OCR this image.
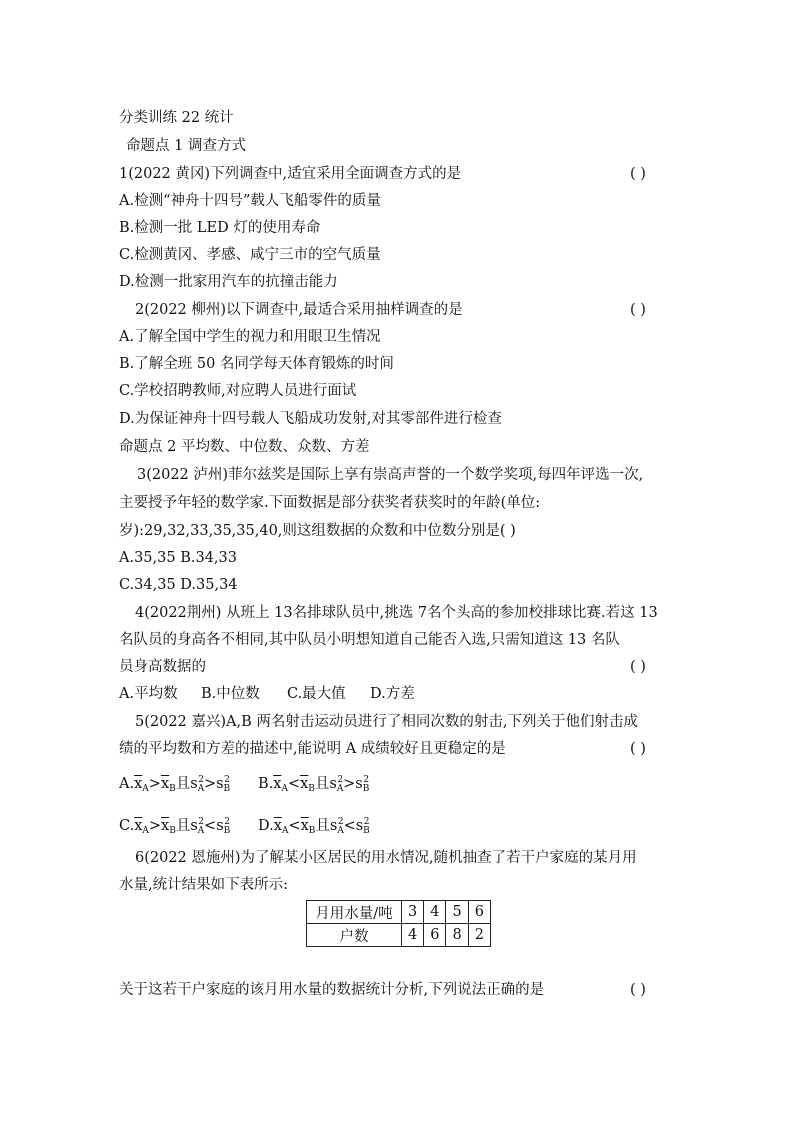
分类训练 22 统计
命题点 1 调查方式
1(2022 黄冈)下列调查中,适宜采用全面调查方式的是	( )
A.检测“神舟十四号”载人飞船零件的质量
B.检测一批 LED 灯的使用寿命
C.检测黄冈、孝感、咸宁三市的空气质量
D.检测一批家用汽车的抗撞击能力
2(2022 柳州)以下调查中,最适合采用抽样调查的是	( )
A.了解全国中学生的视力和用眼卫生情况
B.了解全班 50 名同学每天体育锻炼的时间
C.学校招聘教师,对应聘人员进行面试
D.为保证神舟十四号载人飞船成功发射,对其零部件进行检查
命题点 2 平均数、中位数、众数、方差
3(2022 泸州)菲尔兹奖是国际上享有崇高声誉的一个数学奖项,每四年评选一次,
主要授予年轻的数学家.下面数据是部分获奖者获奖时的年龄(单位:
岁):29,32,33,35,35,40,则这组数据的众数和中位数分别是( )
A.35,35 B.34,33
C.34,35 D.35,34
4(2022荆州) 从班上 13名排球队员中,挑选 7名个头高的参加校排球比赛.若这 13
名队员的身高各不相同,其中队员小明想知道自己能否入选,只需知道这 13 名队
员身高数据的	( )
A.平均数 B.中位数 C.最大值 D.方差
5(2022 嘉兴)A,B 两名射击运动员进行了相同次数的射击,下列关于他们射击成
绩的平均数和方差的描述中,能说明 A 成绩较好且更稳定的是	( )
$A.\overline{x}_A>\overline{x}_B$且$s_A^2>s_B^2$ $B.\overline{x}_A<\overline{x}_B$且$s_A^2>s_B^2$
$C.\overline{x}_A>\overline{x}_B$且$s_A^2<s_B^2$ $D.\overline{x}_A<\overline{x}_B$且$s_A^2<s_B^2$
6(2022 恩施州)为了解某小区居民的用水情况,随机抽查了若干户家庭的某月用
水量,统计结果如下表所示:
月用水量/吨	3	4	5	6
户数	4	6	8	2
关于这若干户家庭的该月用水量的数据统计分析,下列说法正确的是	( )
